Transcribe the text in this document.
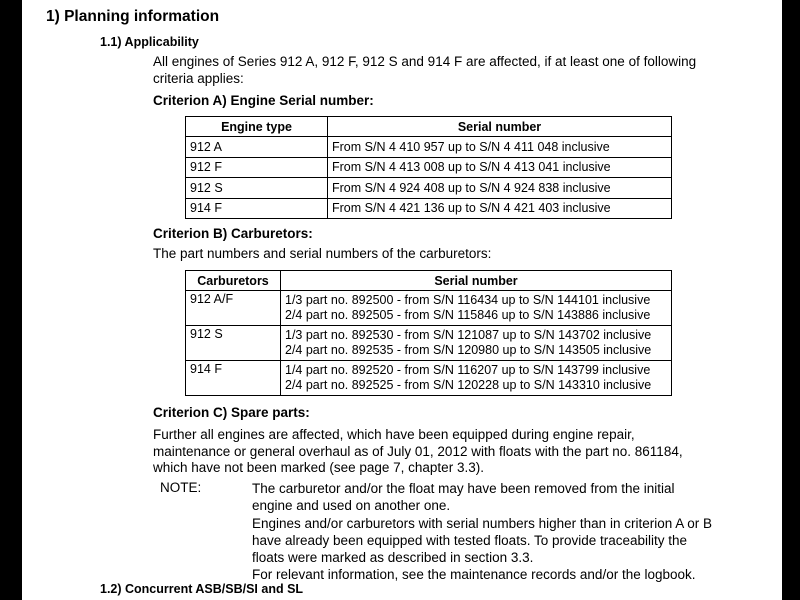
1) Planning information
1.1) Applicability
All engines of Series 912 A, 912 F, 912 S and 914 F are affected, if at least one of following criteria applies:
Criterion A) Engine Serial number:
Engine type	Serial number
912 A	From S/N 4 410 957 up to S/N 4 411 048 inclusive
912 F	From S/N 4 413 008 up to S/N 4 413 041 inclusive
912 S	From S/N 4 924 408 up to S/N 4 924 838 inclusive
914 F	From S/N 4 421 136 up to S/N 4 421 403 inclusive
Criterion B) Carburetors:
The part numbers and serial numbers of the carburetors:
Carburetors	Serial number
912 A/F	1/3 part no. 892500 - from S/N 116434 up to S/N 144101 inclusive
2/4 part no. 892505 - from S/N 115846 up to S/N 143886 inclusive

912 S	1/3 part no. 892530 - from S/N 121087 up to S/N 143702 inclusive
2/4 part no. 892535 - from S/N 120980 up to S/N 143505 inclusive

914 F	1/4 part no. 892520 - from S/N 116207 up to S/N 143799 inclusive
2/4 part no. 892525 - from S/N 120228 up to S/N 143310 inclusive
Criterion C) Spare parts:
Further all engines are affected, which have been equipped during engine repair, maintenance or general overhaul as of July 01, 2012 with floats with the part no. 861184, which have not been marked (see page 7, chapter 3.3).
NOTE:	The carburetor and/or the float may have been removed from the initial engine and used on another one.
Engines and/or carburetors with serial numbers higher than in criterion A or B have already been equipped with tested floats. To provide traceability the floats were marked as described in section 3.3.
For relevant information, see the maintenance records and/or the logbook.
1.2) Concurrent ASB/SB/SI and SL
